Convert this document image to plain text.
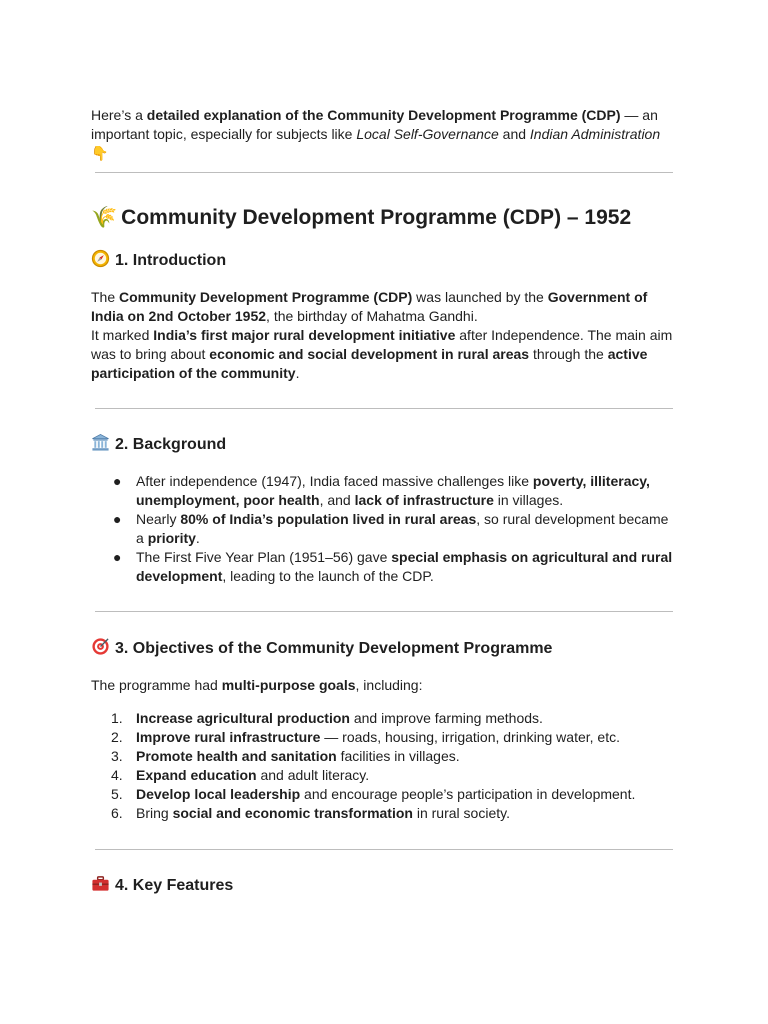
Here’s a detailed explanation of the Community Development Programme (CDP) — an important topic, especially for subjects like Local Self-Governance and Indian Administration 👇

🌾 Community Development Programme (CDP) – 1952
1. Introduction

The Community Development Programme (CDP) was launched by the Government of India on 2nd October 1952, the birthday of Mahatma Gandhi.
It marked India’s first major rural development initiative after Independence. The main aim was to bring about economic and social development in rural areas through the active participation of the community.

2. Background
● After independence (1947), India faced massive challenges like poverty, illiteracy, unemployment, poor health, and lack of infrastructure in villages.
● Nearly 80% of India’s population lived in rural areas, so rural development became a priority.
● The First Five Year Plan (1951–56) gave special emphasis on agricultural and rural development, leading to the launch of the CDP.
3. Objectives of the Community Development Programme

The programme had multi-purpose goals, including:

1. Increase agricultural production and improve farming methods.
2. Improve rural infrastructure — roads, housing, irrigation, drinking water, etc.
3. Promote health and sanitation facilities in villages.
4. Expand education and adult literacy.
5. Develop local leadership and encourage people’s participation in development.
6. Bring social and economic transformation in rural society.
4. Key Features
